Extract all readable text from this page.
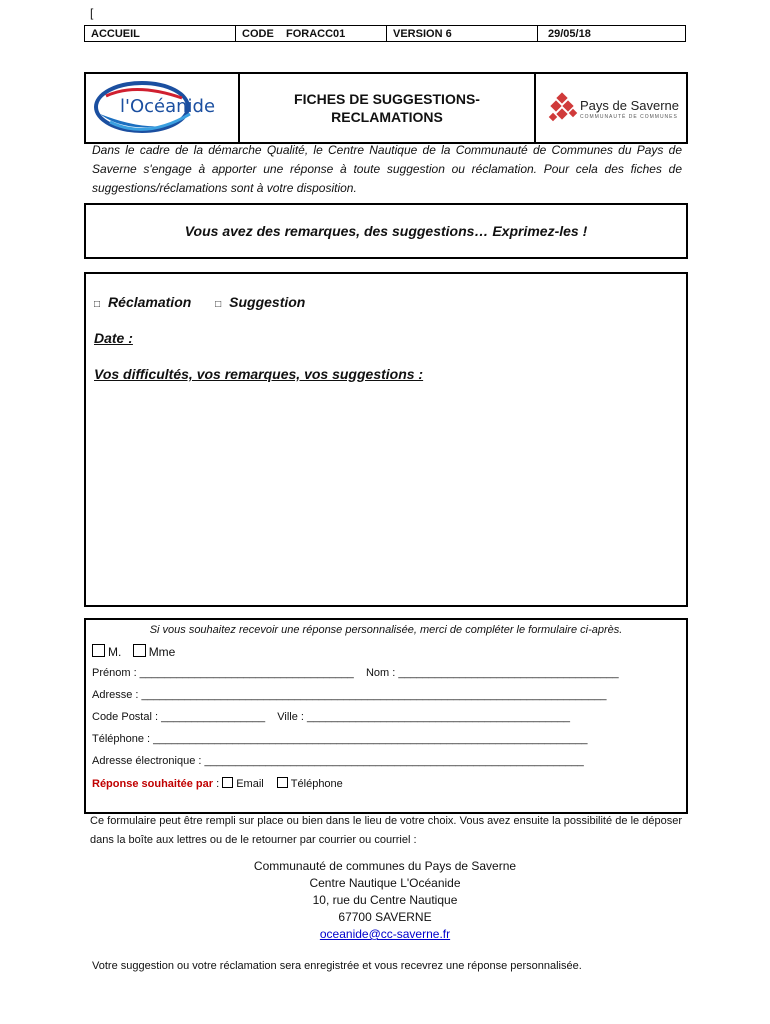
[
ACCUEIL	CODE    FORACC01	VERSION 6	29/05/18
l'Océanide	FICHES DE SUGGESTIONS-
RECLAMATIONS
Pays de Saverne
COMMUNAUTÉ DE COMMUNES
Dans le cadre de la démarche Qualité, le Centre Nautique de la Communauté de Communes du Pays de Saverne s'engage à apporter une réponse à toute suggestion ou réclamation. Pour cela des fiches de suggestions/réclamations sont à votre disposition.
Vous avez des remarques, des suggestions… Exprimez-les !
□ Réclamation □ Suggestion
Date :
Vos difficultés, vos remarques, vos suggestions :
Si vous souhaitez recevoir une réponse personnalisée, merci de compléter le formulaire ci-après.
M. Mme
Prénom : ___________________________________ Nom : ____________________________________
Adresse : ____________________________________________________________________________
Code Postal : _________________ Ville : ___________________________________________
Téléphone : _______________________________________________________________________
Adresse électronique : ______________________________________________________________
Réponse souhaitée par : Email Téléphone
Ce formulaire peut être rempli sur place ou bien dans le lieu de votre choix. Vous avez ensuite la possibilité de le déposer dans la boîte aux lettres ou de le retourner par courrier ou courriel :
Communauté de communes du Pays de Saverne
Centre Nautique L'Océanide
10, rue du Centre Nautique
67700 SAVERNE
oceanide@cc-saverne.fr
Votre suggestion ou votre réclamation sera enregistrée et vous recevrez une réponse personnalisée.
